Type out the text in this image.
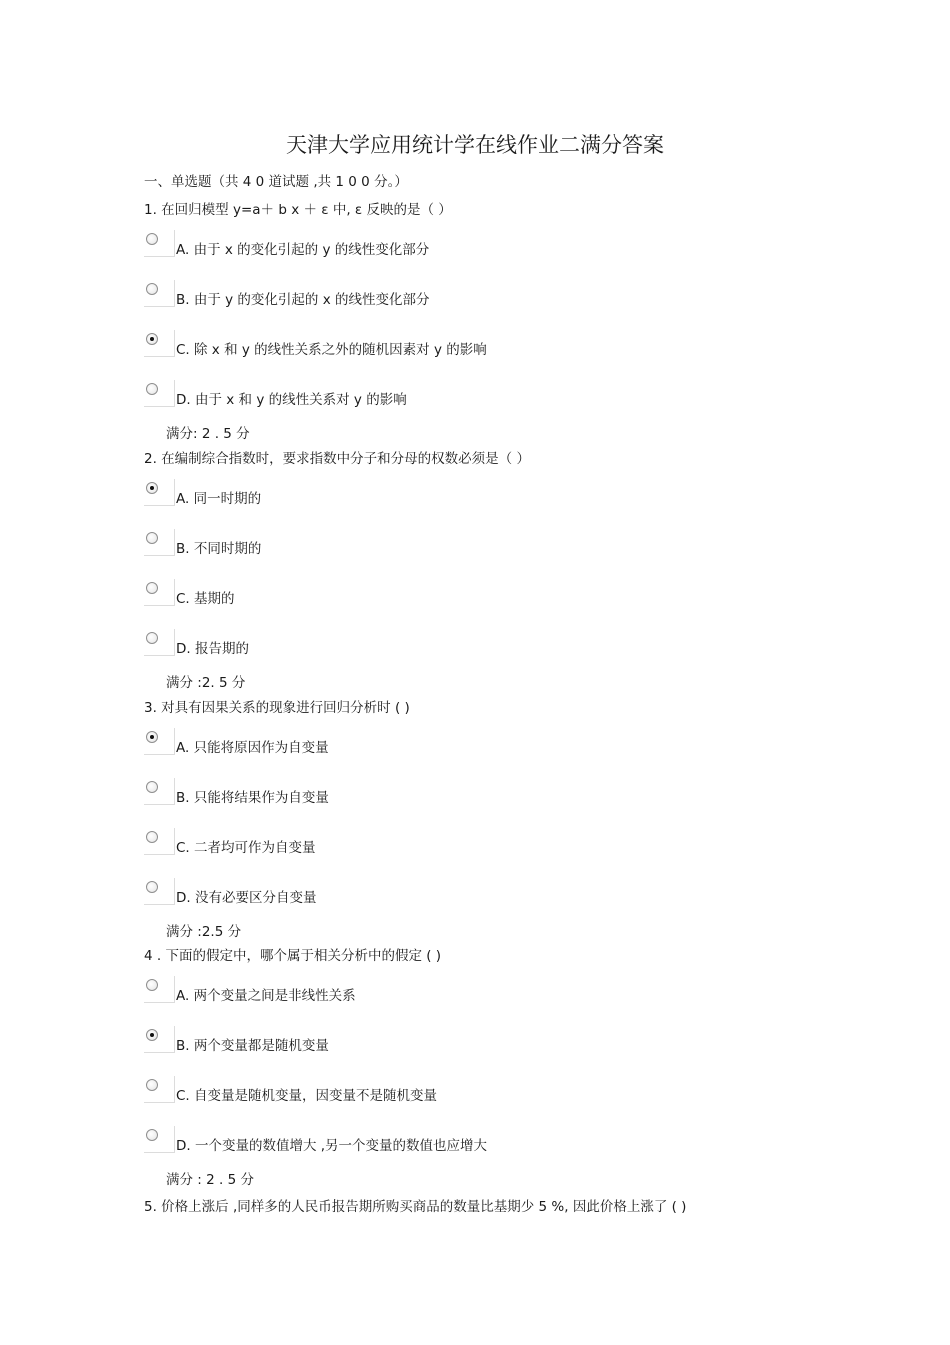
天津大学应用统计学在线作业二满分答案
一、单选题（共 4 0 道试题 ,共 1 0 0 分。）
1. 在回归模型 y=a＋ b x ＋ ε 中, ε 反映的是（ ）
A. 由于 x 的变化引起的 y 的线性变化部分
B. 由于 y 的变化引起的 x 的线性变化部分
C. 除 x 和 y 的线性关系之外的随机因素对 y 的影响
D. 由于 x 和 y 的线性关系对 y 的影响
满分: 2 . 5 分
2. 在编制综合指数时，要求指数中分子和分母的权数必须是（ ）
A. 同一时期的
B. 不同时期的
C. 基期的
D. 报告期的
满分 :2. 5 分
3. 对具有因果关系的现象进行回归分析时 ( )
A. 只能将原因作为自变量
B. 只能将结果作为自变量
C. 二者均可作为自变量
D. 没有必要区分自变量
满分 :2.5 分
4 . 下面的假定中，哪个属于相关分析中的假定 ( )
A. 两个变量之间是非线性关系
B. 两个变量都是随机变量
C. 自变量是随机变量，因变量不是随机变量
D. 一个变量的数值增大 ,另一个变量的数值也应增大
满分 : 2 . 5 分
5. 价格上涨后 ,同样多的人民币报告期所购买商品的数量比基期少 5 %, 因此价格上涨了 ( )
